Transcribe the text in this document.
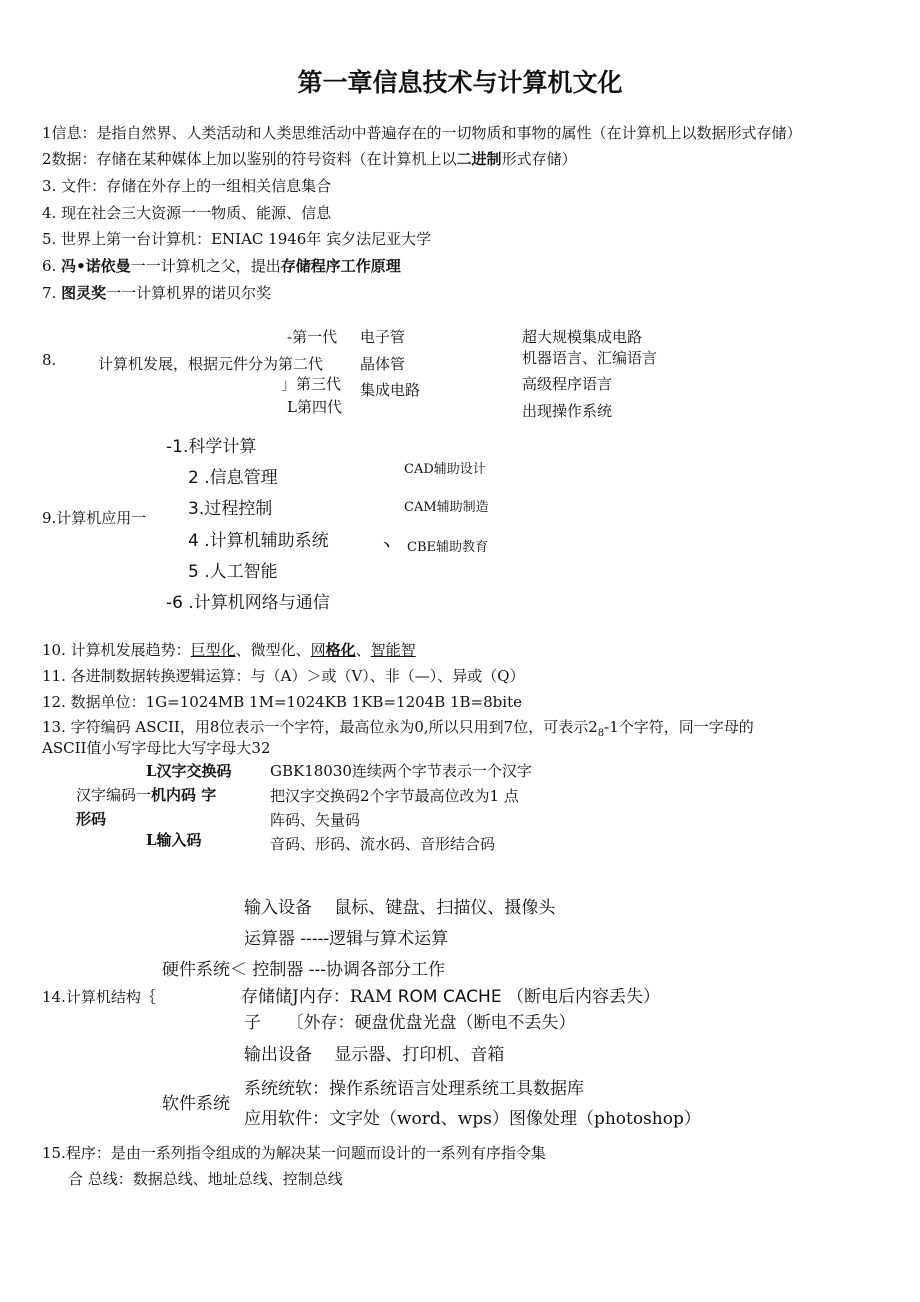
第一章信息技术与计算机文化
1信息：是指自然界、人类活动和人类思维活动中普遍存在的一切物质和事物的属性（在计算机上以数据形式存储）
2数据：存储在某种媒体上加以鉴别的符号资料（在计算机上以二进制形式存储）
3. 文件：存储在外存上的一组相关信息集合
4. 现在社会三大资源一一物质、能源、信息
5. 世界上第一台计算机：ENIAC 1946年 宾夕法尼亚大学
6. 冯•诺依曼一一计算机之父，提出存储程序工作原理
7. 图灵奖一一计算机界的诺贝尔奖
8.	计算机发展，根据元件分为第二代
-第一代
」第三代
L第四代
电子管
晶体管
集成电路
超大规模集成电路
机器语言、汇编语言
高级程序语言
出现操作系统
9.计算机应用一
-1.科学计算
2 .信息管理
3.过程控制
4 .计算机辅助系统
5 .人工智能
-6 .计算机网络与通信
CAD辅助设计
CAM辅助制造
丶 CBE辅助教育
10. 计算机发展趋势：巨型化、微型化、网格化、智能智
11. 各进制数据转换逻辑运算：与（A）＞或（V）、非（—）、异或（Q）
12. 数据单位：1G=1024MB 1M=1024KB 1KB=1204B 1B=8bite
13. 字符编码 ASCII，用8位表示一个字符，最高位永为0,所以只用到7位，可表示$2_8-1$个字符，同一字母的
ASCII值小写字母比大写字母大32
L汉字交换码
汉字编码一机内码 字
形码
L输入码
GBK18030连续两个字节表示一个汉字
把汉字交换码2个字节最高位改为1 点
阵码、矢量码
音码、形码、流水码、音形结合码
输入设备　 鼠标、键盘、扫描仪、摄像头
运算器 -----逻辑与算术运算
硬件系统＜ 控制器 ---协调各部分工作
14.计算机结构｛	存储储J内存：RAM ROM CACHE （断电后内容丢失）
子　　〔外存：硬盘优盘光盘（断电不丢失）
输出设备　 显示器、打印机、音箱
系统统软：操作系统语言处理系统工具数据库
软件系统
应用软件：文字处（word、wps）图像处理（photoshop）
15.程序：是由一系列指令组成的为解决某一问题而设计的一系列有序指令集
合 总线：数据总线、地址总线、控制总线
